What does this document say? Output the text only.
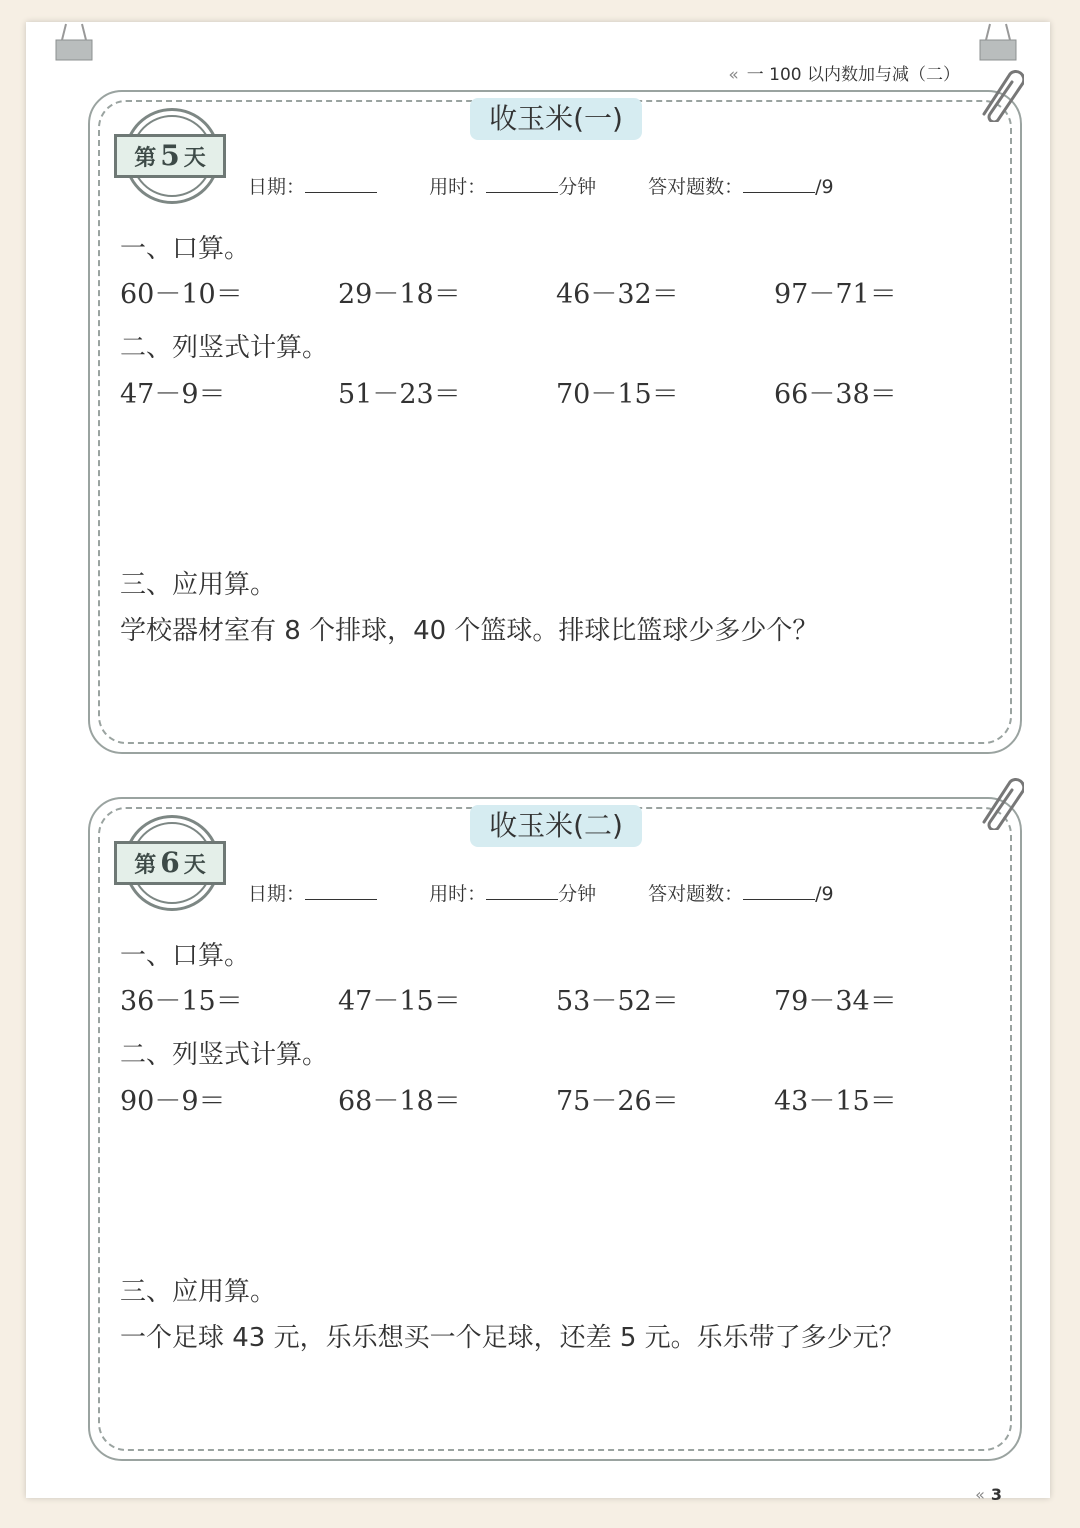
« 一 100 以内数加与减（二）
收玉米(一)
第 5 天
日期：	用时：	分钟	答对题数：	/9
一、口算。
60－10＝	29－18＝	46－32＝	97－71＝
二、列竖式计算。
47－9＝	51－23＝	70－15＝	66－38＝
三、应用算。
学校器材室有 8 个排球，40 个篮球。排球比篮球少多少个？
收玉米(二)
第 6 天
日期：	用时：	分钟	答对题数：	/9
一、口算。
36－15＝	47－15＝	53－52＝	79－34＝
二、列竖式计算。
90－9＝	68－18＝	75－26＝	43－15＝
三、应用算。
一个足球 43 元，乐乐想买一个足球，还差 5 元。乐乐带了多少元？
« 3
